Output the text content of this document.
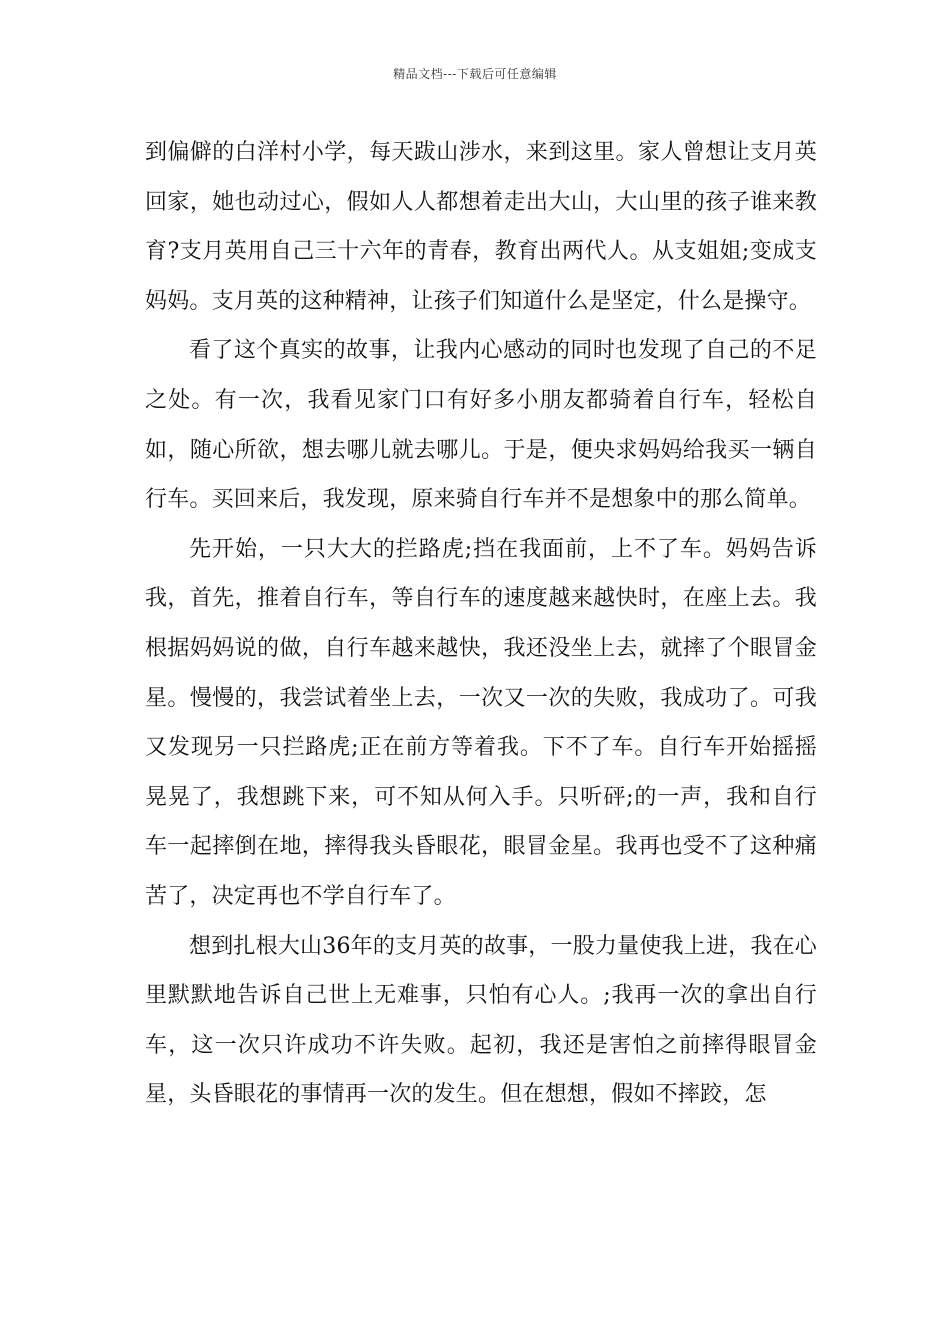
精品文档---下载后可任意编辑

到偏僻的白洋村小学，每天跋山涉水，来到这里。家人曾想让支月英回家，她也动过心，假如人人都想着走出大山，大山里的孩子谁来教育?支月英用自己三十六年的青春，教育出两代人。从支姐姐;变成支妈妈。支月英的这种精神，让孩子们知道什么是坚定，什么是操守。

看了这个真实的故事，让我内心感动的同时也发现了自己的不足之处。有一次，我看见家门口有好多小朋友都骑着自行车，轻松自如，随心所欲，想去哪儿就去哪儿。于是，便央求妈妈给我买一辆自行车。买回来后，我发现，原来骑自行车并不是想象中的那么简单。

先开始，一只大大的拦路虎;挡在我面前，上不了车。妈妈告诉我，首先，推着自行车，等自行车的速度越来越快时，在座上去。我根据妈妈说的做，自行车越来越快，我还没坐上去，就摔了个眼冒金星。慢慢的，我尝试着坐上去，一次又一次的失败，我成功了。可我又发现另一只拦路虎;正在前方等着我。下不了车。自行车开始摇摇晃晃了，我想跳下来，可不知从何入手。只听砰;的一声，我和自行车一起摔倒在地，摔得我头昏眼花，眼冒金星。我再也受不了这种痛苦了，决定再也不学自行车了。

想到扎根大山36年的支月英的故事，一股力量使我上进，我在心里默默地告诉自己世上无难事，只怕有心人。;我再一次的拿出自行车，这一次只许成功不许失败。起初，我还是害怕之前摔得眼冒金星，头昏眼花的事情再一次的发生。但在想想，假如不摔跤，怎
